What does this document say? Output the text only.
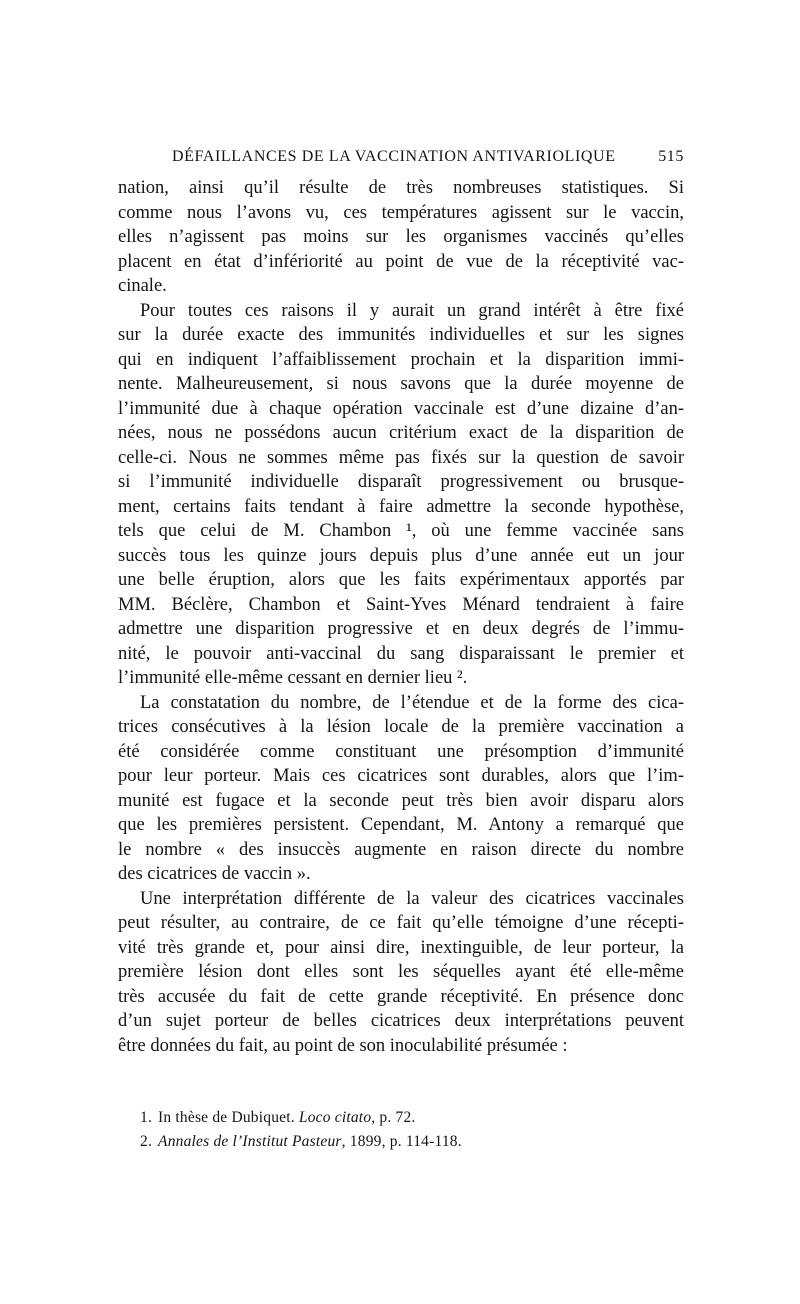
DÉFAILLANCES DE LA VACCINATION ANTIVARIOLIQUE	515
nation, ainsi qu’il résulte de très nombreuses statistiques. Si
comme nous l’avons vu, ces températures agissent sur le vaccin,
elles n’agissent pas moins sur les organismes vaccinés qu’elles
placent en état d’infériorité au point de vue de la réceptivité vac-
cinale.
Pour toutes ces raisons il y aurait un grand intérêt à être fixé
sur la durée exacte des immunités individuelles et sur les signes
qui en indiquent l’affaiblissement prochain et la disparition immi-
nente. Malheureusement, si nous savons que la durée moyenne de
l’immunité due à chaque opération vaccinale est d’une dizaine d’an-
nées, nous ne possédons aucun critérium exact de la disparition de
celle-ci. Nous ne sommes même pas fixés sur la question de savoir
si l’immunité individuelle disparaît progressivement ou brusque-
ment, certains faits tendant à faire admettre la seconde hypothèse,
tels que celui de M. Chambon ¹, où une femme vaccinée sans
succès tous les quinze jours depuis plus d’une année eut un jour
une belle éruption, alors que les faits expérimentaux apportés par
MM. Béclère, Chambon et Saint-Yves Ménard tendraient à faire
admettre une disparition progressive et en deux degrés de l’immu-
nité, le pouvoir anti-vaccinal du sang disparaissant le premier et
l’immunité elle-même cessant en dernier lieu ².
La constatation du nombre, de l’étendue et de la forme des cica-
trices consécutives à la lésion locale de la première vaccination a
été considérée comme constituant une présomption d’immunité
pour leur porteur. Mais ces cicatrices sont durables, alors que l’im-
munité est fugace et la seconde peut très bien avoir disparu alors
que les premières persistent. Cependant, M. Antony a remarqué que
le nombre « des insuccès augmente en raison directe du nombre
des cicatrices de vaccin ».
Une interprétation différente de la valeur des cicatrices vaccinales
peut résulter, au contraire, de ce fait qu’elle témoigne d’une récepti-
vité très grande et, pour ainsi dire, inextinguible, de leur porteur, la
première lésion dont elles sont les séquelles ayant été elle-même
très accusée du fait de cette grande réceptivité. En présence donc
d’un sujet porteur de belles cicatrices deux interprétations peuvent
être données du fait, au point de son inoculabilité présumée :
1. In thèse de Dubiquet. Loco citato, p. 72.
2. Annales de l’Institut Pasteur, 1899, p. 114-118.
